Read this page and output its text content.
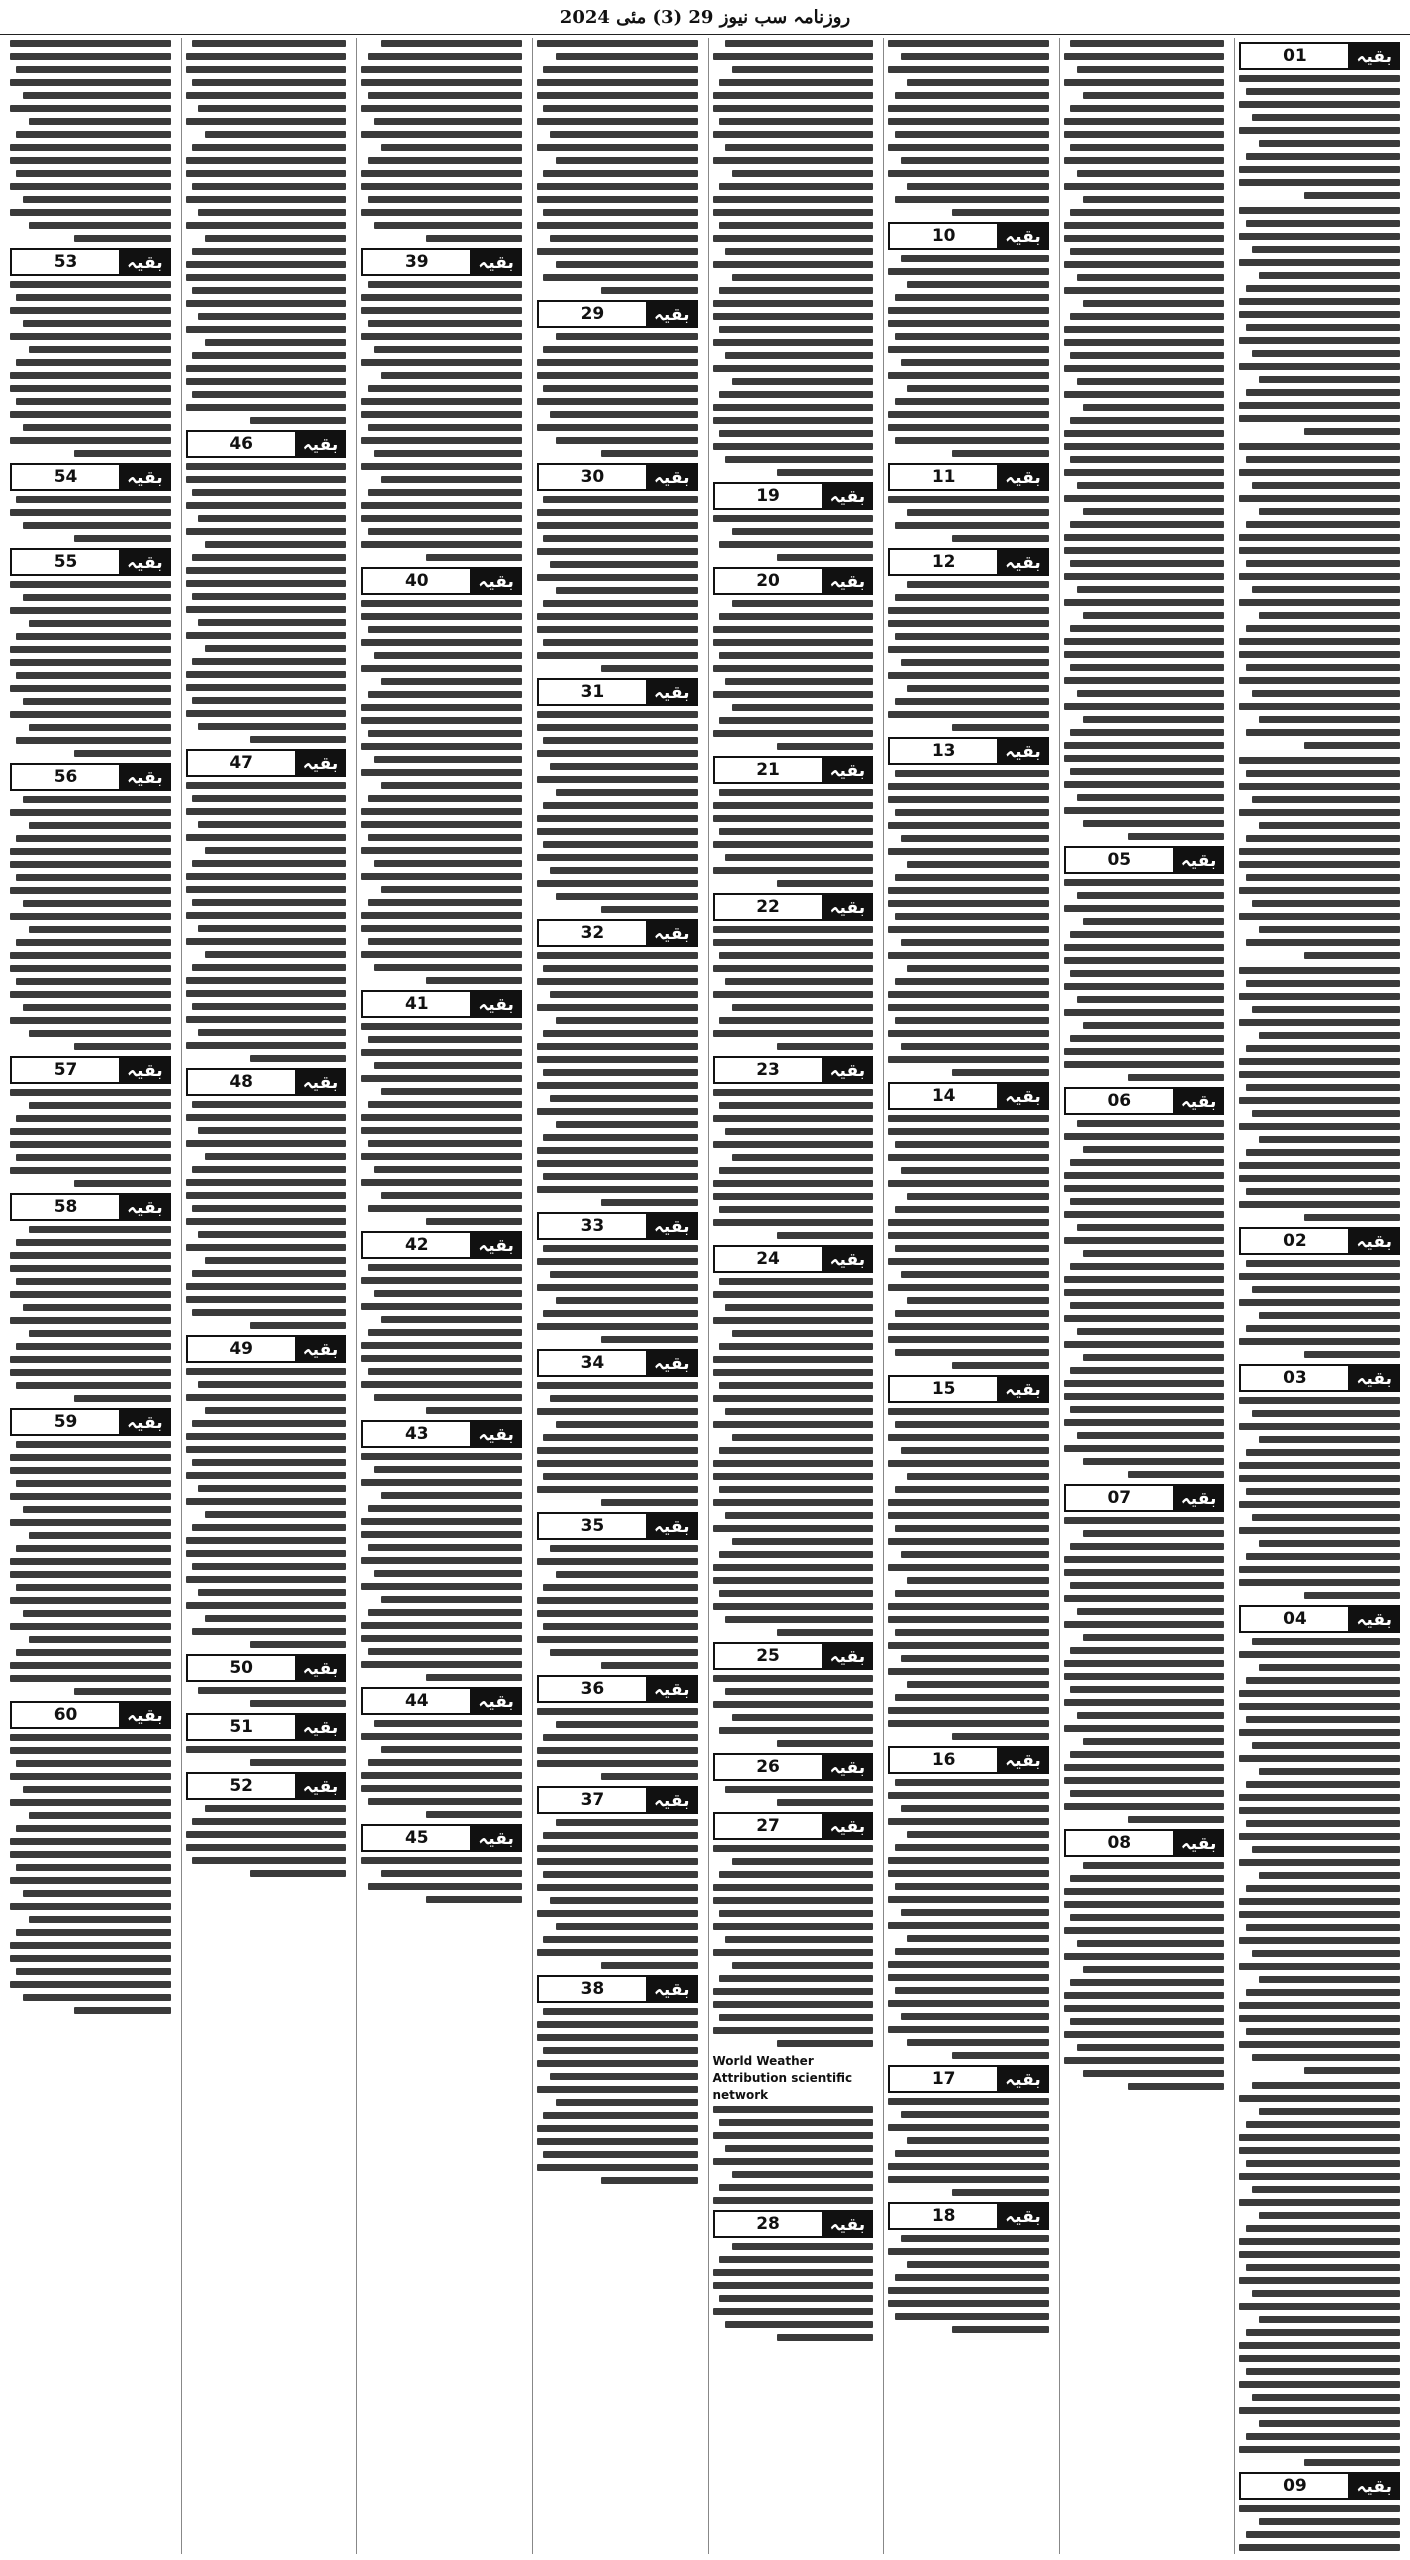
روزنامہ سب نیوز 29 (3) مئی 2024
بقیہ
01
بقیہ
02
بقیہ
03
بقیہ
04
بقیہ
09
بقیہ
05
بقیہ
06
بقیہ
07
بقیہ
08
بقیہ
10
بقیہ
11
بقیہ
12
بقیہ
13
بقیہ
14
بقیہ
15
بقیہ
16
بقیہ
17
بقیہ
18
بقیہ
19
بقیہ
20
بقیہ
21
بقیہ
22
بقیہ
23
بقیہ
24
بقیہ
25
بقیہ
26
بقیہ
27
World Weather
Attribution scientific network
بقیہ
28
بقیہ
29
بقیہ
30
بقیہ
31
بقیہ
32
بقیہ
33
بقیہ
34
بقیہ
35
بقیہ
36
بقیہ
37
بقیہ
38
بقیہ
39
بقیہ
40
بقیہ
41
بقیہ
42
بقیہ
43
بقیہ
44
بقیہ
45
بقیہ
46
بقیہ
47
بقیہ
48
بقیہ
49
بقیہ
50
بقیہ
51
بقیہ
52
بقیہ
53
بقیہ
54
بقیہ
55
بقیہ
56
بقیہ
57
بقیہ
58
بقیہ
59
بقیہ
60
